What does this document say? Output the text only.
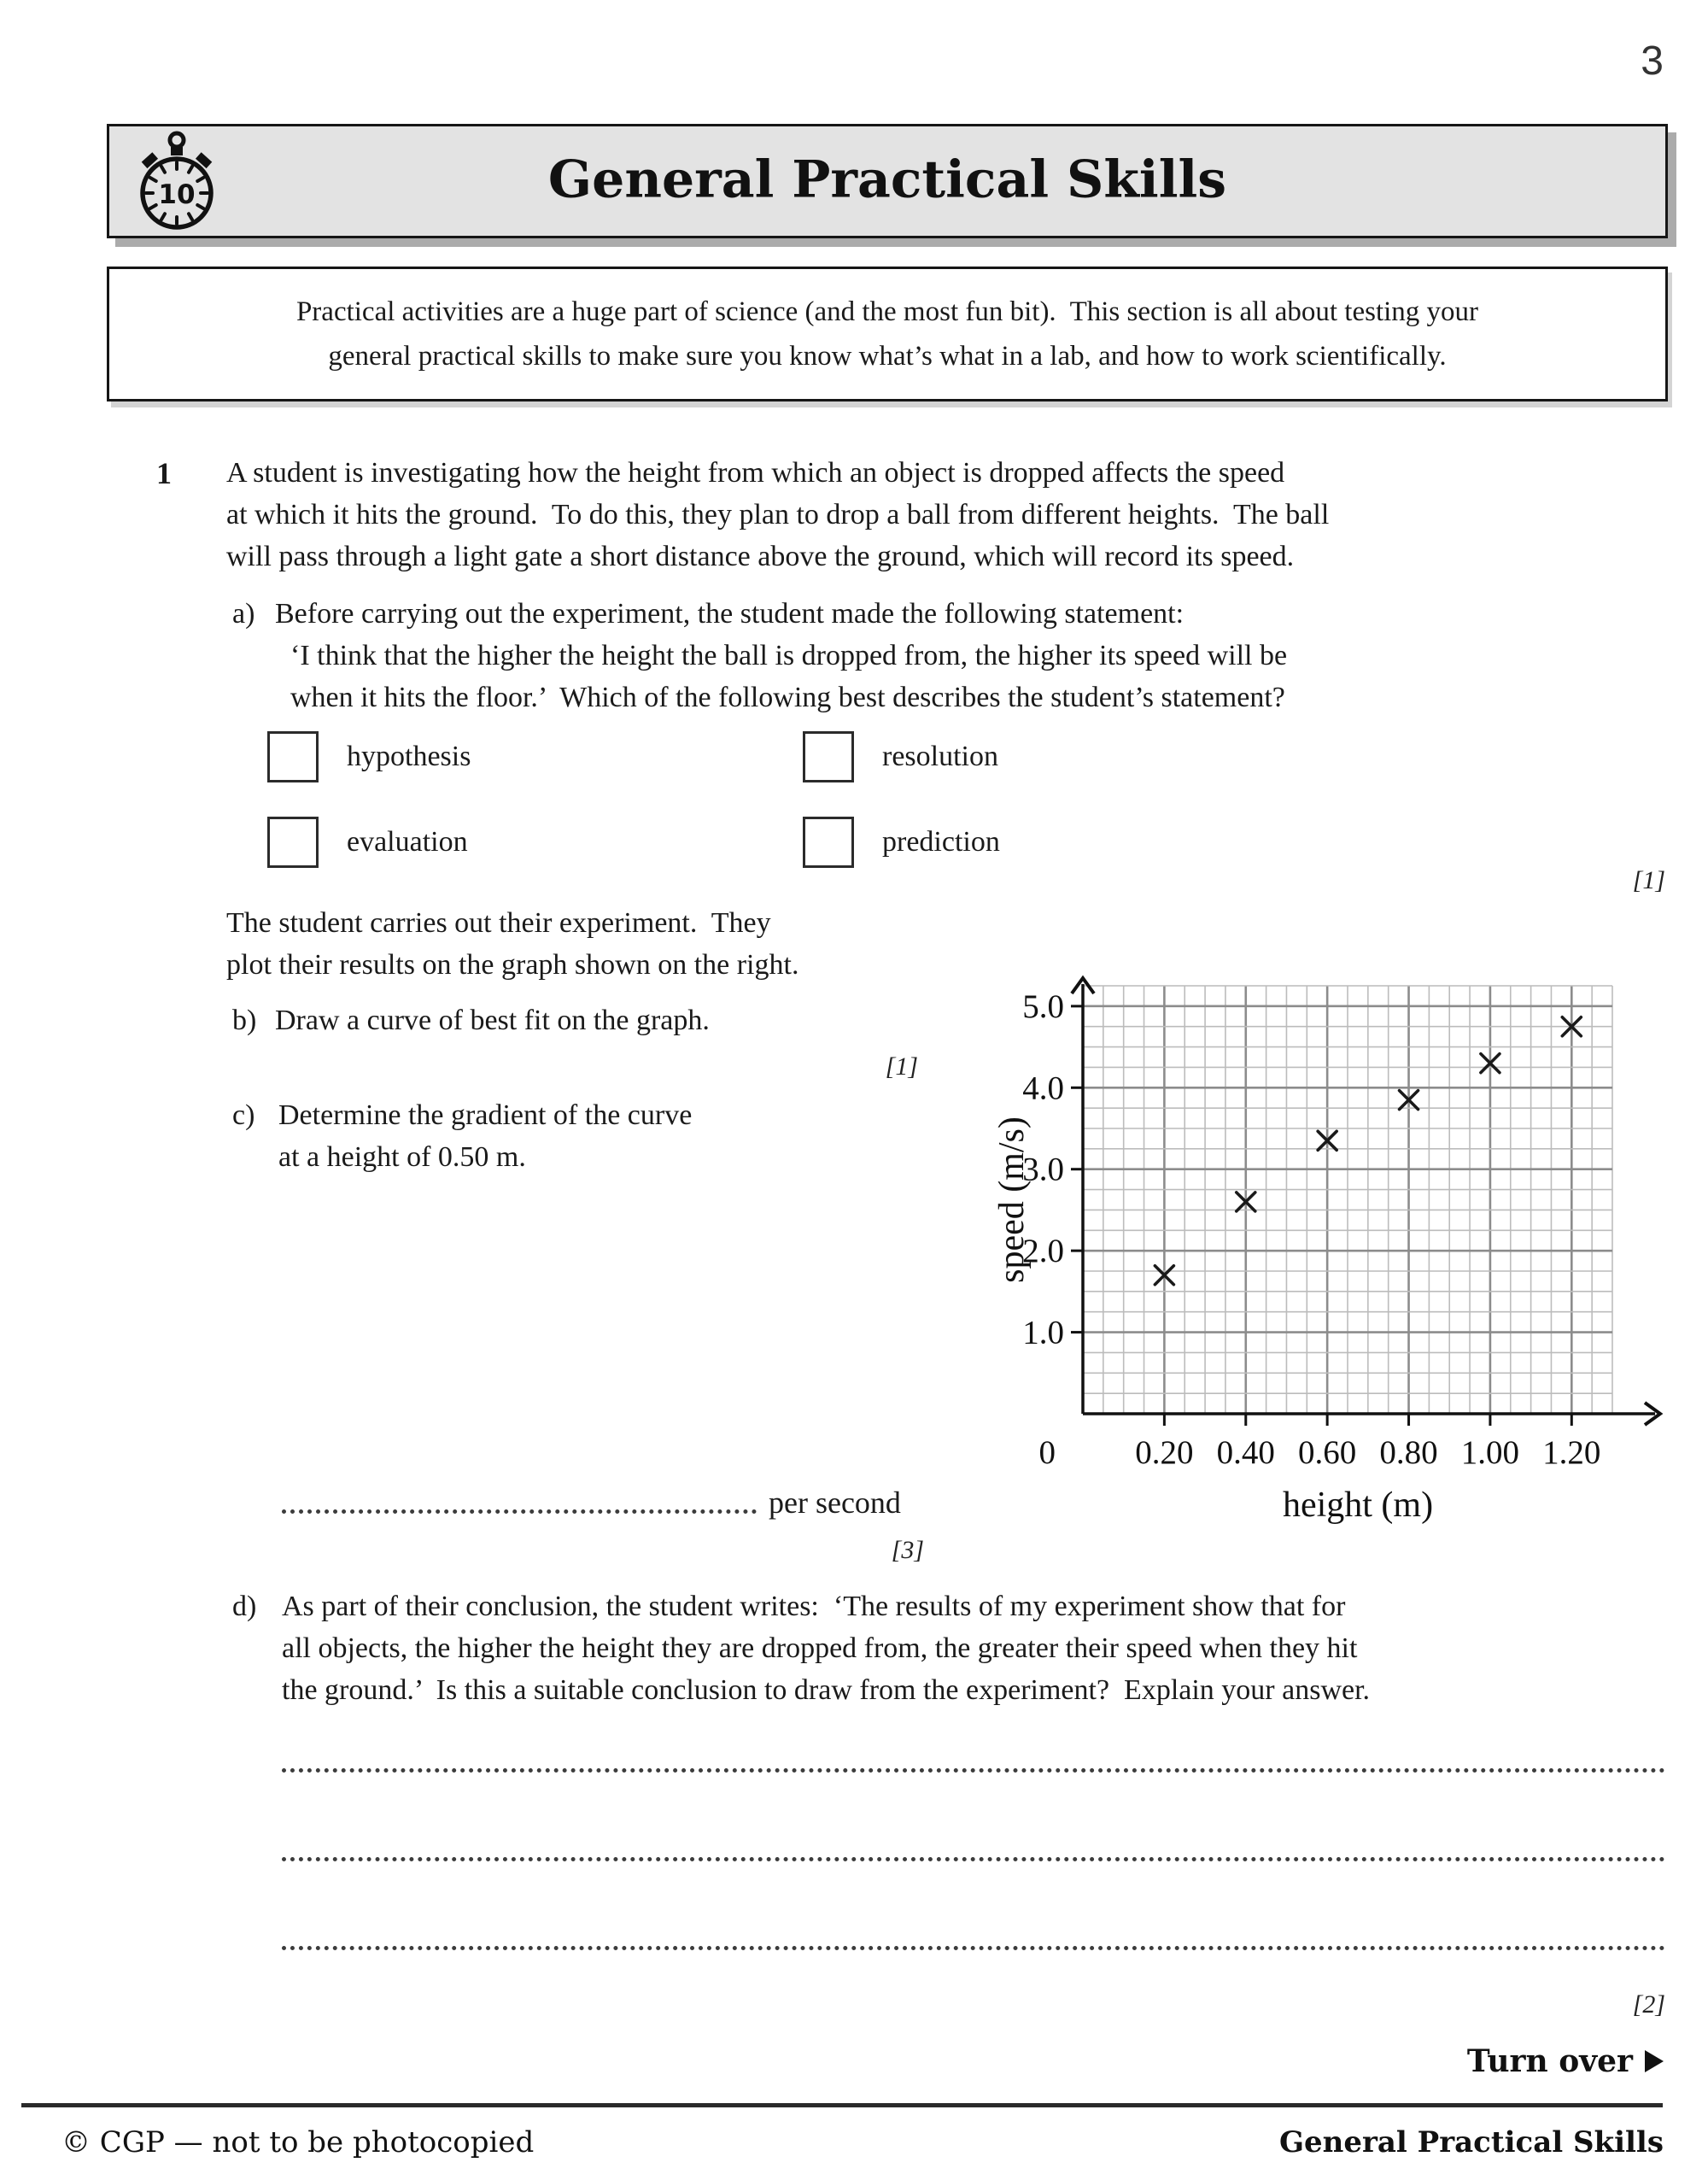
3
10	General Practical Skills
Practical activities are a huge part of science (and the most fun bit).  This section is all about testing your
general practical skills to make sure you know what’s what in a lab, and how to work scientifically.
1 A student is investigating how the height from which an object is dropped affects the speed
at which it hits the ground.  To do this, they plan to drop a ball from different heights.  The ball
will pass through a light gate a short distance above the ground, which will record its speed.
a) Before carrying out the experiment, the student made the following statement:
‘I think that the higher the height the ball is dropped from, the higher its speed will be
when it hits the floor.’  Which of the following best describes the student’s statement?
hypothesis	resolution
evaluation	prediction
[1]
The student carries out their experiment.  They
plot their results on the graph shown on the right.
b) Draw a curve of best fit on the graph.
[1]
c) Determine the gradient of the curve
at a height of 0.50 m.
0.20 0.40 0.60 0.80 1.00 1.20
1.0
2.0
3.0
4.0
5.0
0
height (m)
speed (m/s)
per second
[3]
d) As part of their conclusion, the student writes:  ‘The results of my experiment show that for
all objects, the higher the height they are dropped from, the greater their speed when they hit
the ground.’  Is this a suitable conclusion to draw from the experiment?  Explain your answer.
[2]
Turn over
© CGP — not to be photocopied	General Practical Skills
